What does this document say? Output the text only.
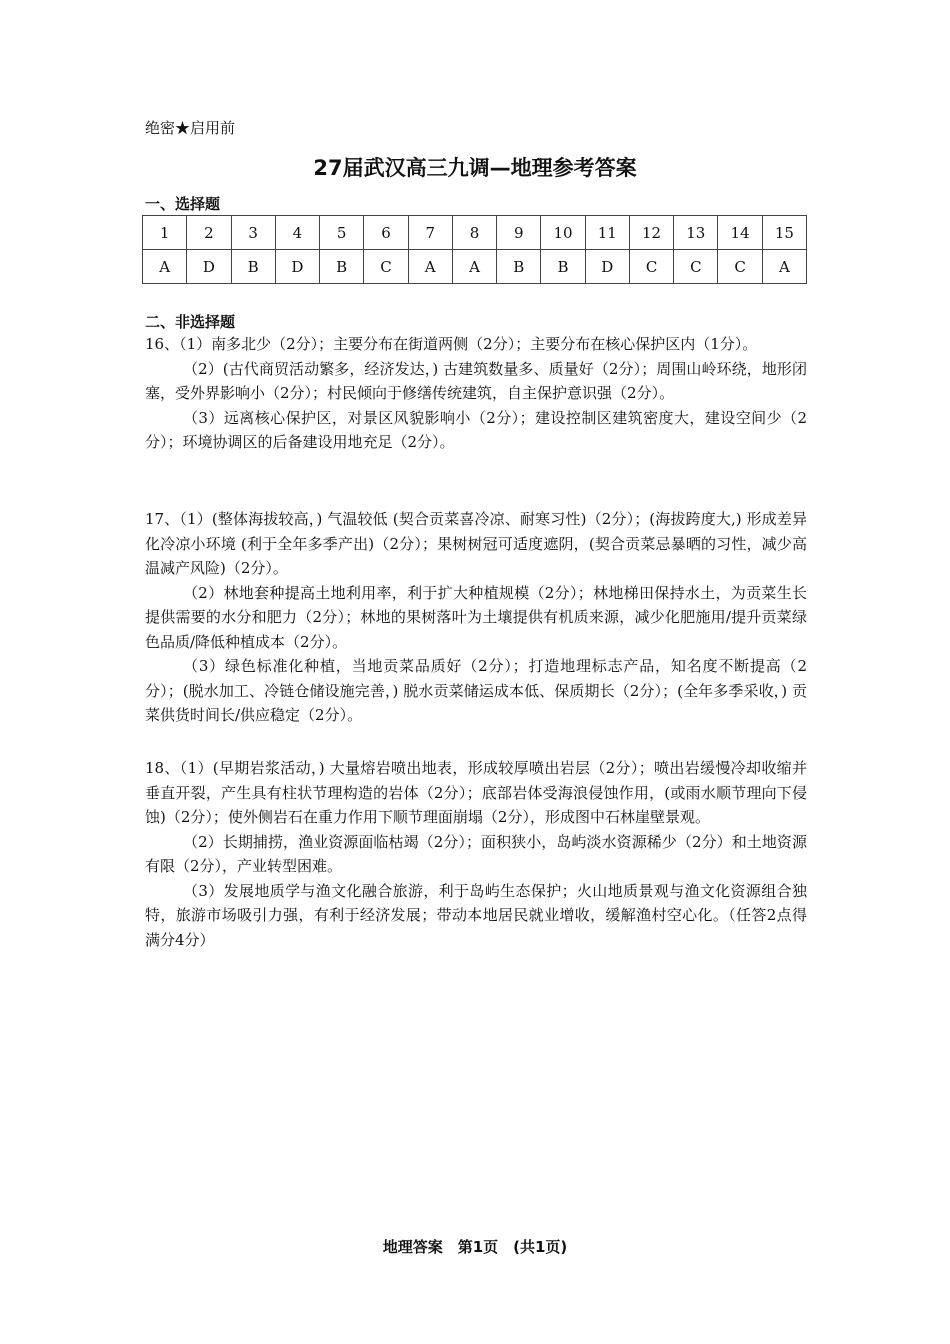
绝密★启用前
27届武汉高三九调—地理参考答案
一、选择题
1	2	3	4	5	6	7	8	9	10	11	12	13	14	15
A	D	B	D	B	C	A	A	B	B	D	C	C	C	A
二、非选择题

16、（1）南多北少（2分）；主要分布在街道两侧（2分）；主要分布在核心保护区内（1分）。

（2）(古代商贸活动繁多，经济发达，) 古建筑数量多、质量好（2分）；周围山岭环绕，地形闭塞，受外界影响小（2分）；村民倾向于修缮传统建筑，自主保护意识强（2分）。

（3）远离核心保护区，对景区风貌影响小（2分）；建设控制区建筑密度大，建设空间少（2分）；环境协调区的后备建设用地充足（2分）。

17、（1）(整体海拔较高，) 气温较低 (契合贡菜喜冷凉、耐寒习性)（2分）；(海拔跨度大,) 形成差异化冷凉小环境 (利于全年多季产出)（2分）；果树树冠可适度遮阴，(契合贡菜忌暴晒的习性，减少高温减产风险)（2分）。

（2）林地套种提高土地利用率，利于扩大种植规模（2分）；林地梯田保持水土，为贡菜生长提供需要的水分和肥力（2分）；林地的果树落叶为土壤提供有机质来源，减少化肥施用/提升贡菜绿色品质/降低种植成本（2分）。

（3）绿色标准化种植，当地贡菜品质好（2分）；打造地理标志产品，知名度不断提高（2分）；(脱水加工、冷链仓储设施完善，) 脱水贡菜储运成本低、保质期长（2分）；(全年多季采收，) 贡菜供货时间长/供应稳定（2分）。

18、（1）(早期岩浆活动，) 大量熔岩喷出地表，形成较厚喷出岩层（2分）；喷出岩缓慢冷却收缩并垂直开裂，产生具有柱状节理构造的岩体（2分）；底部岩体受海浪侵蚀作用，(或雨水顺节理向下侵蚀)（2分）；使外侧岩石在重力作用下顺节理面崩塌（2分），形成图中石林崖壁景观。

（2）长期捕捞，渔业资源面临枯竭（2分）；面积狭小，岛屿淡水资源稀少（2分）和土地资源有限（2分），产业转型困难。

（3）发展地质学与渔文化融合旅游，利于岛屿生态保护；火山地质景观与渔文化资源组合独特，旅游市场吸引力强，有利于经济发展；带动本地居民就业增收，缓解渔村空心化。（任答2点得满分4分）

地理答案　第1页　(共1页)
